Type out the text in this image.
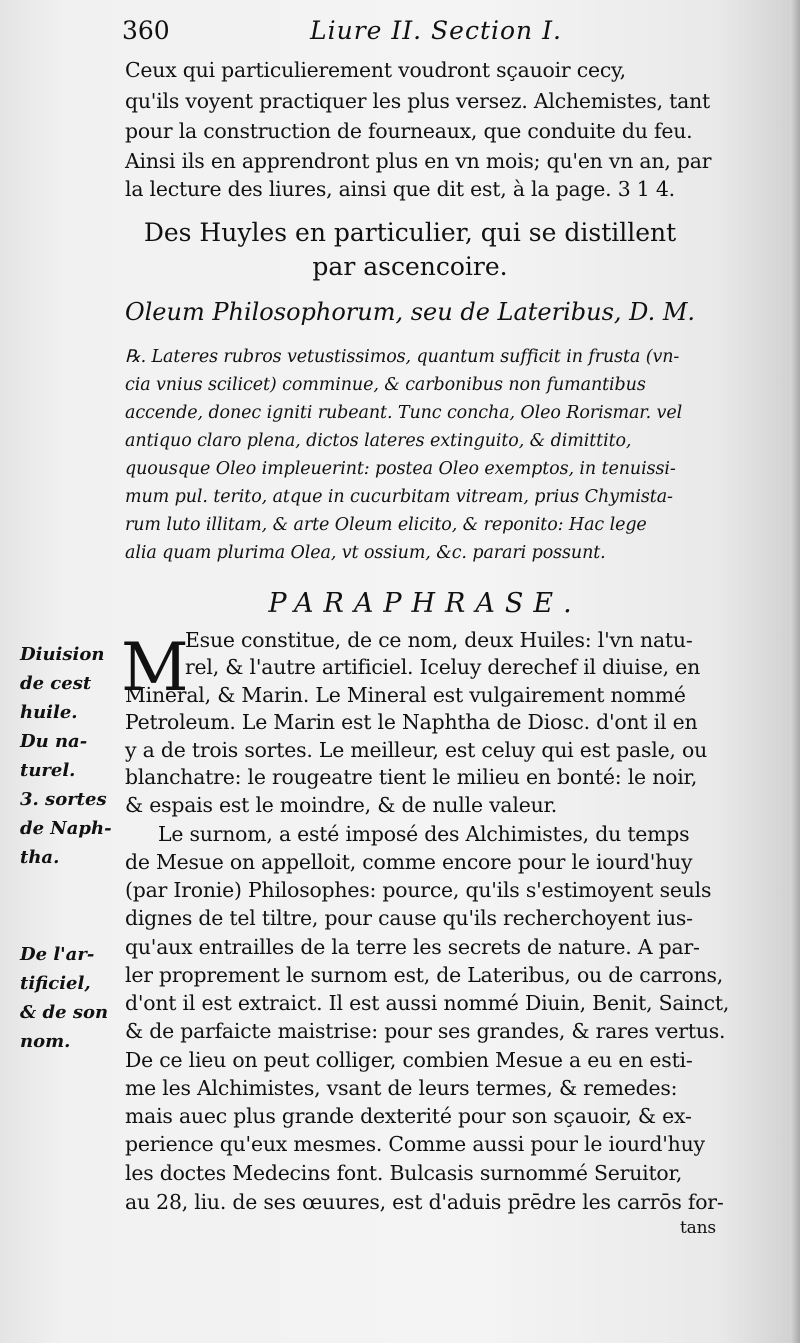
360	Liure II. Section I.
Ceux qui particulierement voudront sçauoir cecy,
qu'ils voyent practiquer les plus versez. Alchemistes, tant
pour la construction de fourneaux, que conduite du feu.
Ainsi ils en apprendront plus en vn mois; qu'en vn an, par
la lecture des liures, ainsi que dit est, à la page. 3 1 4.
Des Huyles en particulier, qui se distillent
par ascencoire.
Oleum Philosophorum, seu de Lateribus, D. M.
℞. Lateres rubros vetustissimos, quantum sufficit in frusta (vn-
cia vnius scilicet) comminue, & carbonibus non fumantibus
accende, donec igniti rubeant. Tunc concha, Oleo Rorismar. vel
antiquo claro plena, dictos lateres extinguito, & dimittito,
quousque Oleo impleuerint: postea Oleo exemptos, in tenuissi-
mum pul. terito, atque in cucurbitam vitream, prius Chymista-
rum luto illitam, & arte Oleum elicito, & reponito: Hac lege
alia quam plurima Olea, vt ossium, &c. parari possunt.
PARAPHRASE.
M
Esue constitue, de ce nom, deux Huiles: l'vn natu-
rel, & l'autre artificiel. Iceluy derechef il diuise, en
Mineral, & Marin. Le Mineral est vulgairement nommé
Petroleum. Le Marin est le Naphtha de Diosc. d'ont il en
y a de trois sortes. Le meilleur, est celuy qui est pasle, ou
blanchatre: le rougeatre tient le milieu en bonté: le noir,
& espais est le moindre, & de nulle valeur.
Le surnom, a esté imposé des Alchimistes, du temps
de Mesue on appelloit, comme encore pour le iourd'huy
(par Ironie) Philosophes: pource, qu'ils s'estimoyent seuls
dignes de tel tiltre, pour cause qu'ils recherchoyent ius-
qu'aux entrailles de la terre les secrets de nature. A par-
ler proprement le surnom est, de Lateribus, ou de carrons,
d'ont il est extraict. Il est aussi nommé Diuin, Benit, Sainct,
& de parfaicte maistrise: pour ses grandes, & rares vertus.
De ce lieu on peut colliger, combien Mesue a eu en esti-
me les Alchimistes, vsant de leurs termes, & remedes:
mais auec plus grande dexterité pour son sçauoir, & ex-
perience qu'eux mesmes. Comme aussi pour le iourd'huy
les doctes Medecins font. Bulcasis surnommé Seruitor,
au 28, liu. de ses œuures, est d'aduis prēdre les carrōs for-
tans
Diuision
de cest
huile.
Du na-
turel.
3. sortes
de Naph-
tha.
De l'ar-
tificiel,
& de son
nom.
